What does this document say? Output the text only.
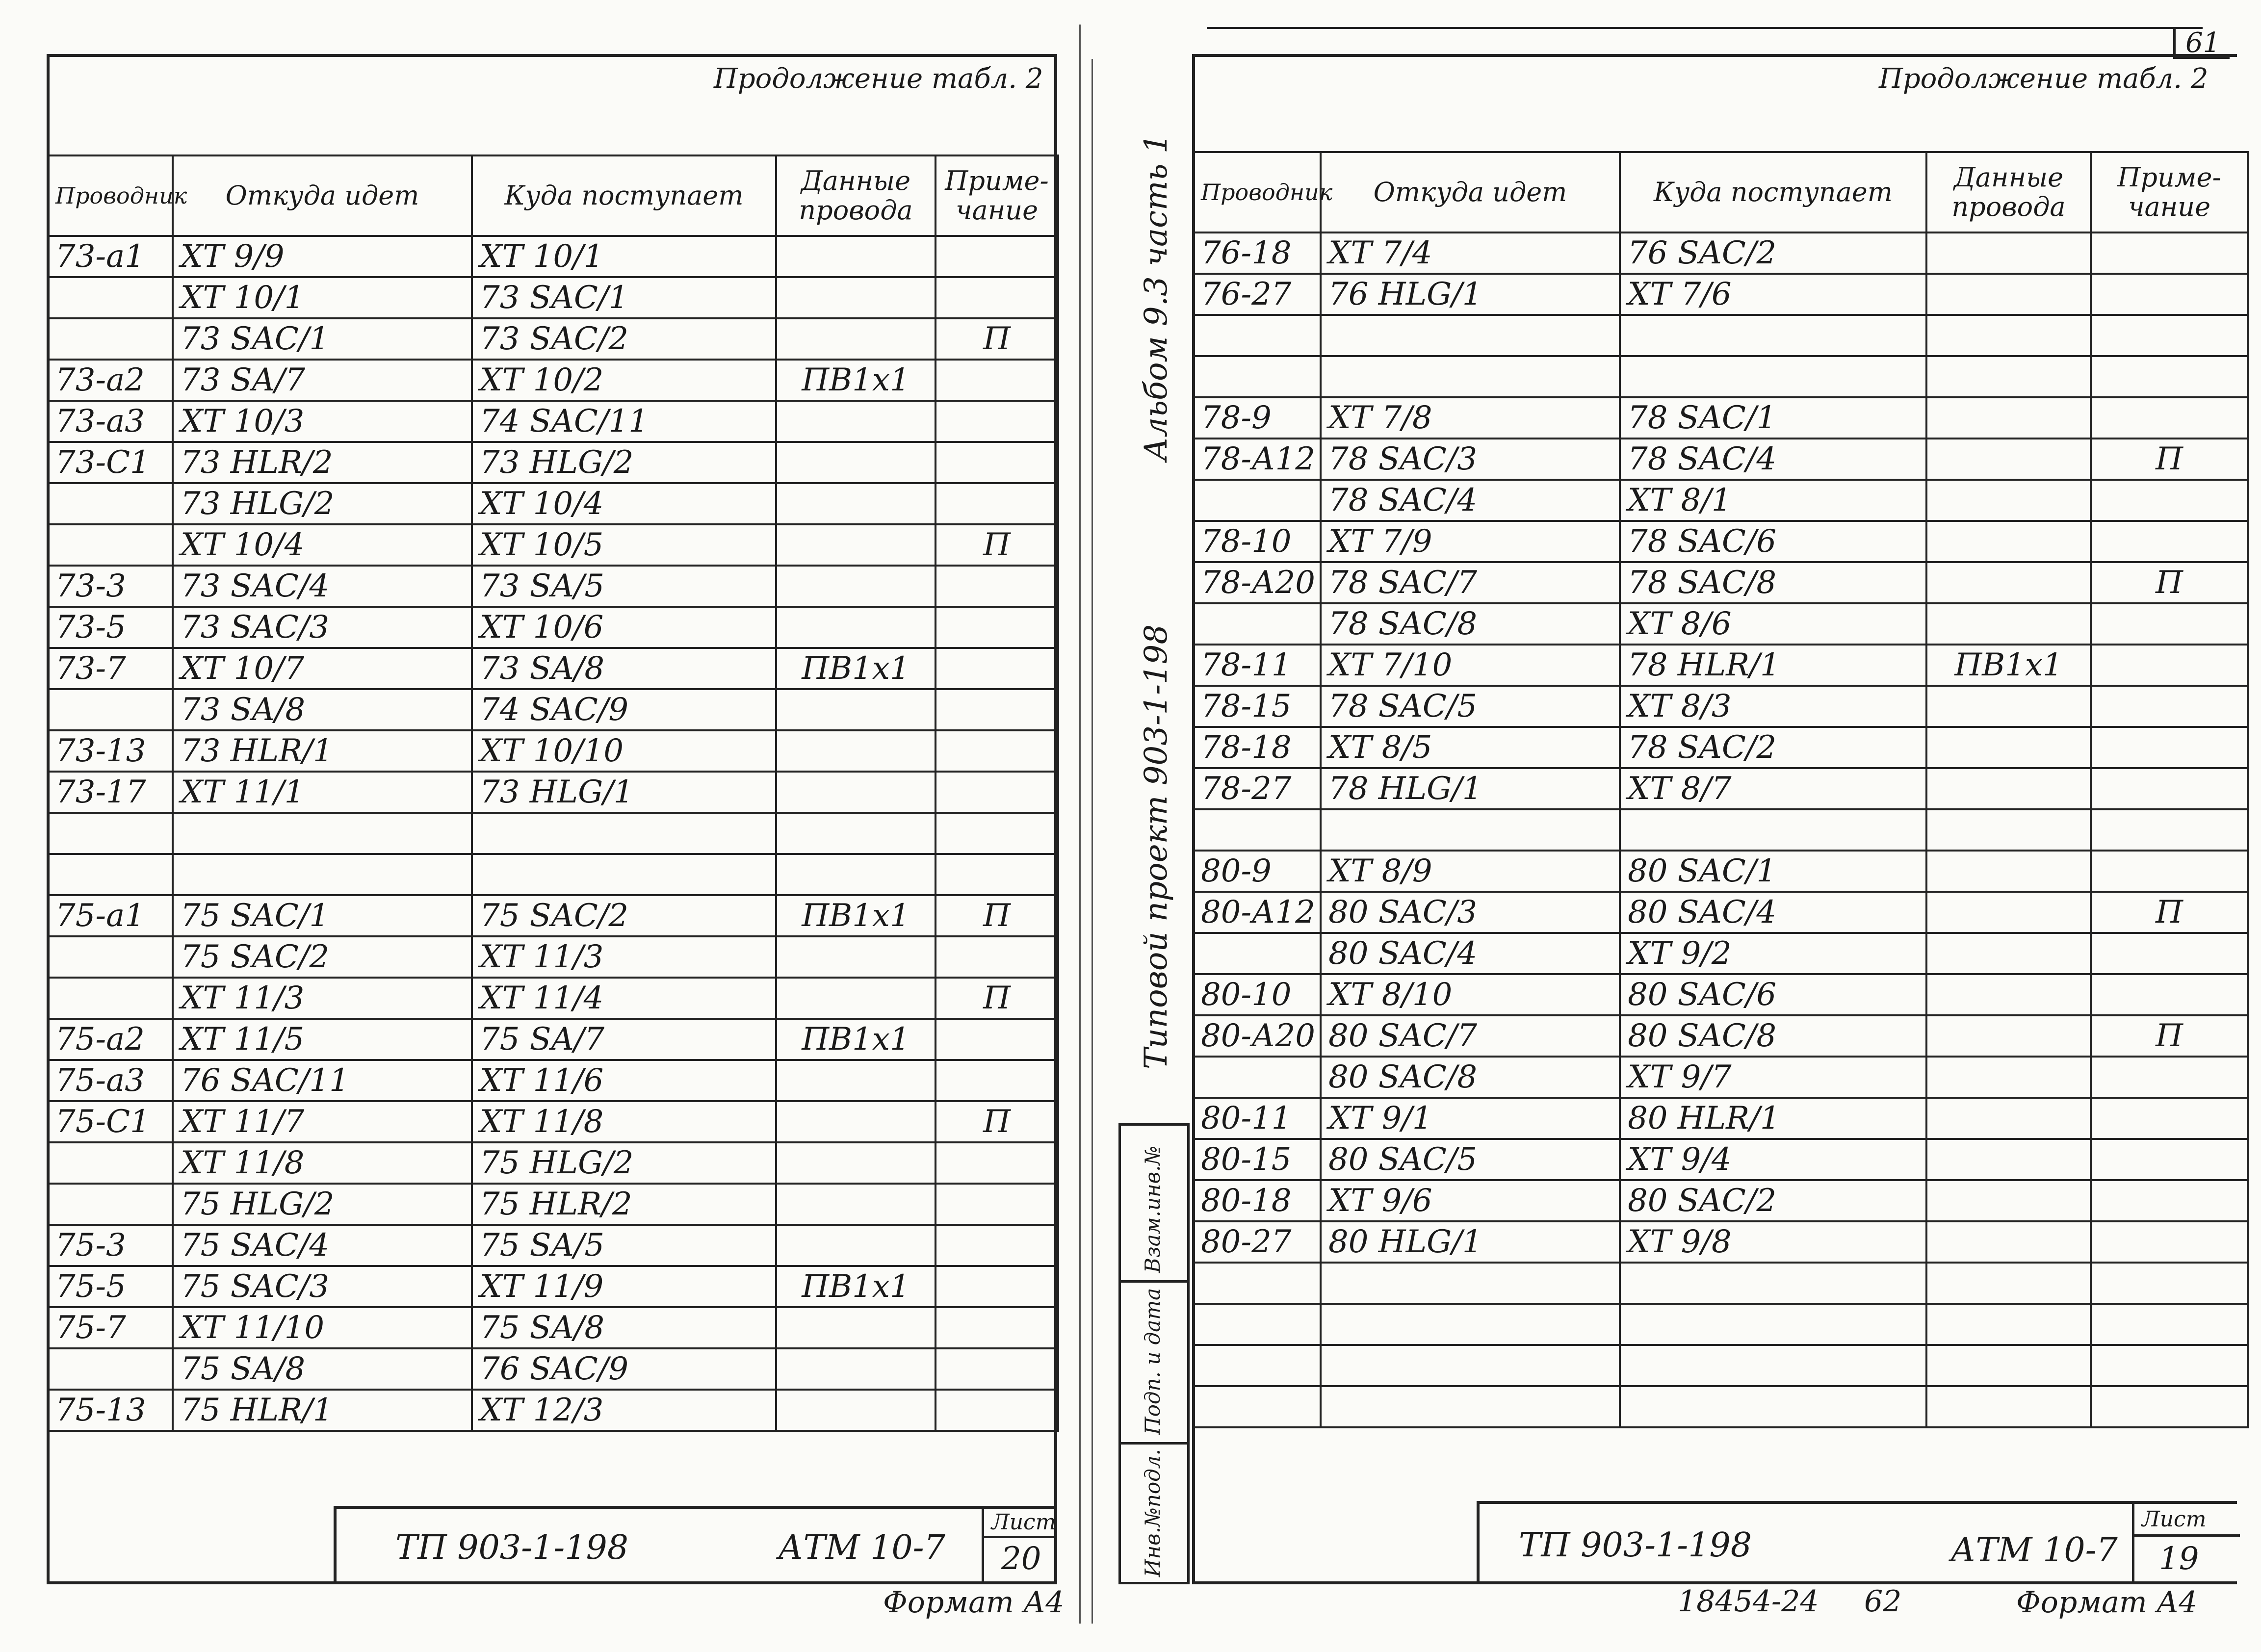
Продолжение табл. 2
Проводник	Откуда идет	Куда поступает	Данные провода	Приме-чание
73-а1	ХТ 9/9	ХТ 10/1		
	ХТ 10/1	73 SAC/1		
	73 SAC/1	73 SAC/2		П
73-а2	73 SA/7	ХТ 10/2	ПВ1х1	
73-а3	ХТ 10/3	74 SAC/11		
73-С1	73 HLR/2	73 HLG/2		
	73 HLG/2	ХТ 10/4		
	ХТ 10/4	ХТ 10/5		П
73-3	73 SAC/4	73 SA/5		
73-5	73 SAC/3	ХТ 10/6		
73-7	ХТ 10/7	73 SA/8	ПВ1х1	
	73 SA/8	74 SAC/9		
73-13	73 HLR/1	ХТ 10/10		
73-17	ХТ 11/1	73 HLG/1		

75-а1	75 SAC/1	75 SAC/2	ПВ1х1	П
	75 SAC/2	ХТ 11/3		
	ХТ 11/3	ХТ 11/4		П
75-а2	ХТ 11/5	75 SA/7	ПВ1х1	
75-а3	76 SAC/11	ХТ 11/6		
75-С1	ХТ 11/7	ХТ 11/8		П
	ХТ 11/8	75 HLG/2		
	75 HLG/2	75 HLR/2		
75-3	75 SAC/4	75 SA/5		
75-5	75 SAC/3	ХТ 11/9	ПВ1х1	
75-7	ХТ 11/10	75 SA/8		
	75 SA/8	76 SAC/9		
75-13	75 HLR/1	ХТ 12/3		
ТП 903-1-198	АТМ 10-7
Лист
20
Формат А4
Альбом 9.3 часть 1
Типовой проект 903-1-198
Взам.инв.№
Подп. и дата
Инв.№подл.
61
Продолжение табл. 2
Проводник	Откуда идет	Куда поступает	Данные провода	Приме-чание
76-18	ХТ 7/4	76 SAC/2		
76-27	76 HLG/1	ХТ 7/6		

78-9	ХТ 7/8	78 SAC/1		
78-А12	78 SAC/3	78 SAC/4		П
	78 SAC/4	ХТ 8/1		
78-10	ХТ 7/9	78 SAC/6		
78-А20	78 SAC/7	78 SAC/8		П
	78 SAC/8	ХТ 8/6		
78-11	ХТ 7/10	78 HLR/1	ПВ1х1	
78-15	78 SAC/5	ХТ 8/3		
78-18	ХТ 8/5	78 SAC/2		
78-27	78 HLG/1	ХТ 8/7		

80-9	ХТ 8/9	80 SAC/1		
80-А12	80 SAC/3	80 SAC/4		П
	80 SAC/4	ХТ 9/2		
80-10	ХТ 8/10	80 SAC/6		
80-А20	80 SAC/7	80 SAC/8		П
	80 SAC/8	ХТ 9/7		
80-11	ХТ 9/1	80 HLR/1		
80-15	80 SAC/5	ХТ 9/4		
80-18	ХТ 9/6	80 SAC/2		
80-27	80 HLG/1	ХТ 9/8		

ТП 903-1-198	АТМ 10-7
Лист
19
18454-24 62	Формат А4
